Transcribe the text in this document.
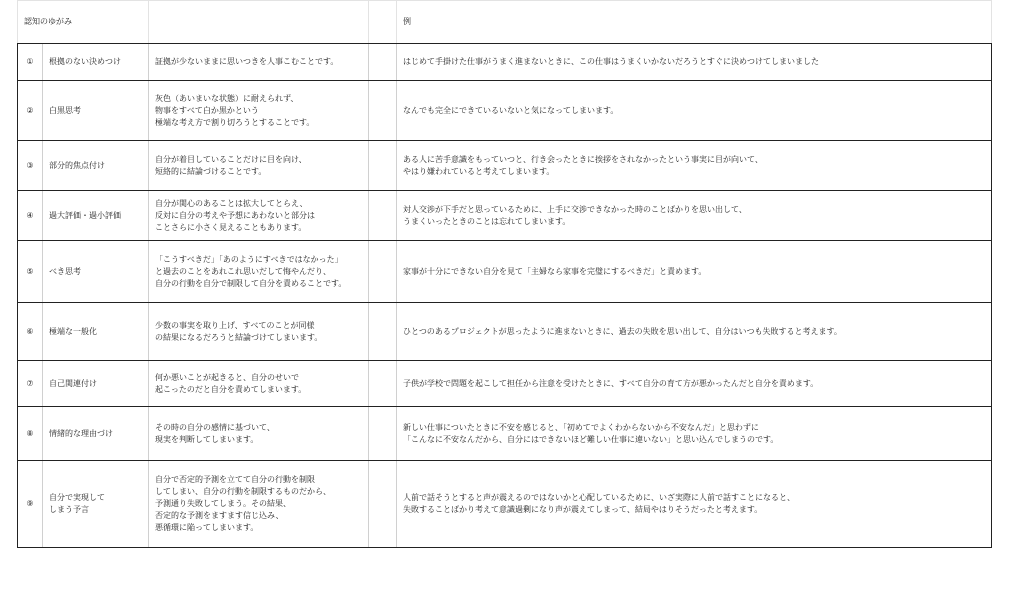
認知のゆがみ				例
①	根拠のない決めつけ	証拠が少ないままに思いつきを人事こむことです。		はじめて手掛けた仕事がうまく進まないときに、この仕事はうまくいかないだろうとすぐに決めつけてしまいました

②	白黒思考	灰色（あいまいな状態）に耐えられず、
物事をすべて白か黒かという
極端な考え方で割り切ろうとすることです。		なんでも完全にできているいないと気になってしまいます。

③	部分的焦点付け	自分が着目していることだけに目を向け、
短絡的に結論づけることです。		ある人に苦手意識をもっていつと、行き会ったときに挨拶をされなかったという事実に目が向いて、
やはり嫌われていると考えてしまいます。

④	過大評価・過小評価	自分が関心のあることは拡大してとらえ、
反対に自分の考えや予想にあわないと部分は
ことさらに小さく見えることもあります。		対人交渉が下手だと思っているために、上手に交渉できなかった時のことばかりを思い出して、
うまくいったときのことは忘れてしまいます。

⑤	べき思考	「こうすべきだ」「あのようにすべきではなかった」
と過去のことをあれこれ思いだして悔やんだり、
自分の行動を自分で制限して自分を責めることです。		家事が十分にできない自分を見て「主婦なら家事を完璧にするべきだ」と責めます。

⑥	極端な一般化	少数の事実を取り上げ、すべてのことが同様
の結果になるだろうと結論づけてしまいます。		ひとつのあるプロジェクトが思ったように進まないときに、過去の失敗を思い出して、自分はいつも失敗すると考えます。

⑦	自己関連付け	何か悪いことが起きると、自分のせいで
起こったのだと自分を責めてしまいます。		子供が学校で問題を起こして担任から注意を受けたときに、すべて自分の育て方が悪かったんだと自分を責めます。

⑧	情緒的な理由づけ	その時の自分の感情に基づいて、
現実を判断してしまいます。		新しい仕事についたときに不安を感じると、「初めてでよくわからないから不安なんだ」と思わずに
「こんなに不安なんだから、自分にはできないほど難しい仕事に違いない」と思い込んでしまうのです。

⑨	自分で実現して
しまう予言	自分で否定的予測を立てて自分の行動を制限
してしまい、自分の行動を制限するものだから、
予測通り失敗してしまう。その結果、
否定的な予測をますます信じ込み、
悪循環に陥ってしまいます。		人前で話そうとすると声が震えるのではないかと心配しているために、いざ実際に人前で話すことになると、
失敗することばかり考えて意識過剰になり声が震えてしまって、結局やはりそうだったと考えます。
